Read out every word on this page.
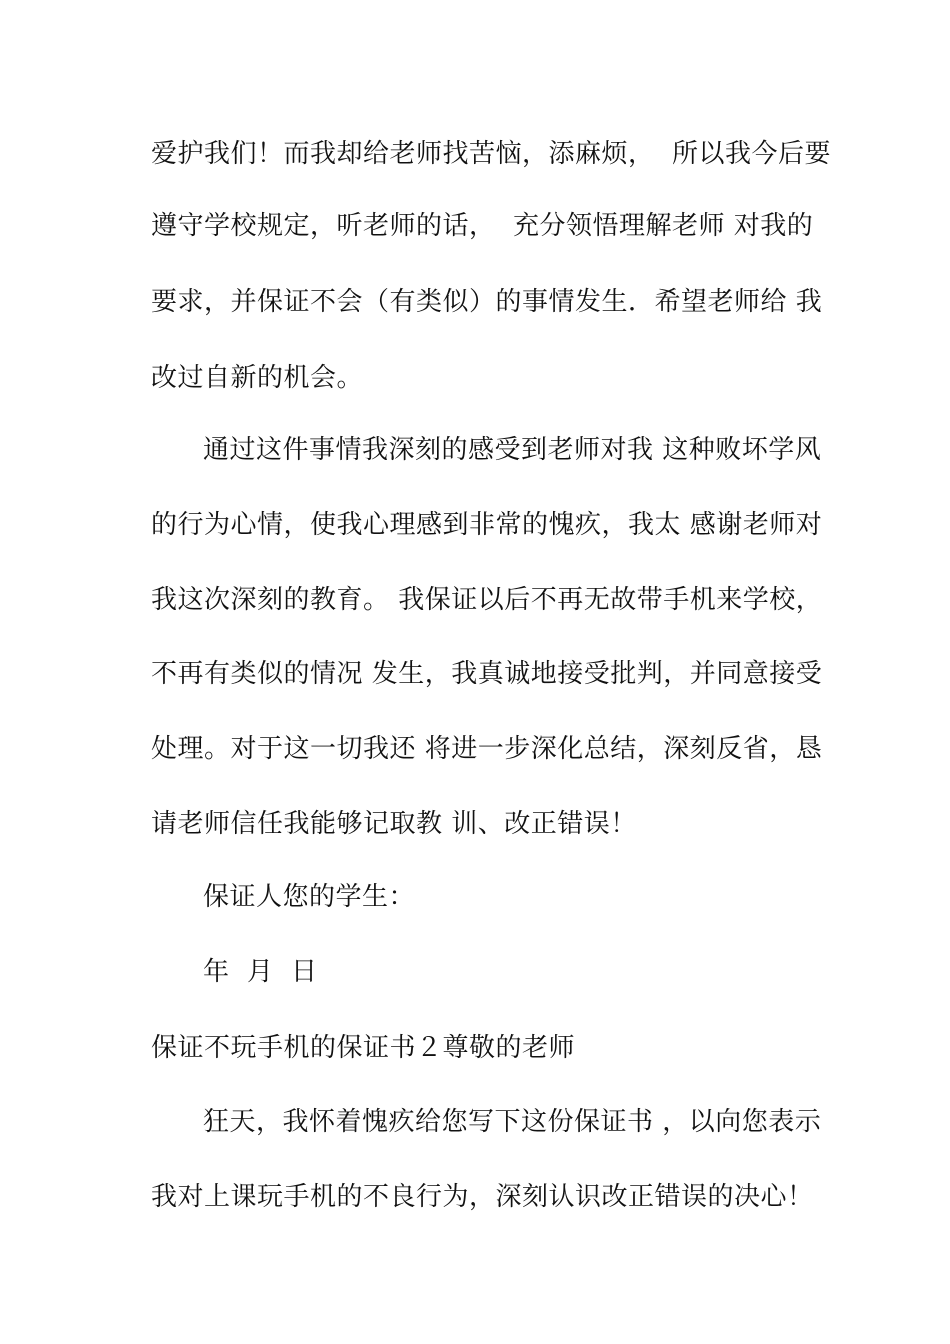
爱护我们！而我却给老师找苦恼，添麻烦，  所以我今后要
遵守学校规定，听老师的话，  充分领悟理解老师 对我的
要求，并保证不会（有类似）的事情发生．希望老师给 我
改过自新的机会。
通过这件事情我深刻的感受到老师对我 这种败坏学风
的行为心情，使我心理感到非常的愧疚，我太 感谢老师对
我这次深刻的教育。 我保证以后不再无故带手机来学校，
不再有类似的情况 发生，我真诚地接受批判，并同意接受
处理。对于这一切我还 将进一步深化总结，深刻反省，恳
请老师信任我能够记取教 训、改正错误！
保证人您的学生：
年  月  日
保证不玩手机的保证书２尊敬的老师
狂天，我怀着愧疚给您写下这份保证书 ，以向您表示
我对上课玩手机的不良行为，深刻认识改正错误的决心！
